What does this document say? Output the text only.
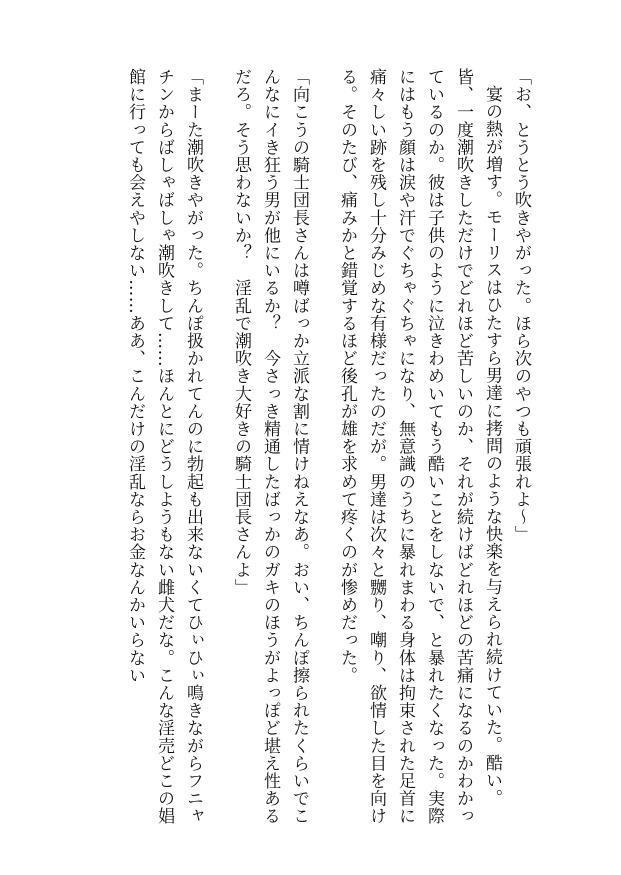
「お、とうとう吹きやがった。ほら次のやつも頑張れよ〜」

宴の熱が増す。モーリスはひたすら男達に拷問のような快楽を与えられ続けていた。酷い。皆、一度潮吹きしただけでどれほど苦しいのか、それが続けばどれほどの苦痛になるのかわかっているのか。彼は子供のように泣きわめいてもう酷いことをしないで、と暴れたくなった。実際にはもう顔は涙や汗でぐちゃぐちゃになり、無意識のうちに暴れまわる身体は拘束された足首に痛々しい跡を残し十分みじめな有様だったのだが。男達は次々と嬲り、嘲り、欲情した目を向ける。そのたび、痛みかと錯覚するほど後孔が雄を求めて疼くのが惨めだった。

「向こうの騎士団長さんは噂ばっか立派な割に情けねえなあ。おい、ちんぽ擦られたくらいでこんなにイき狂う男が他にいるか？　今さっき精通したばっかのガキのほうがよっぽど堪え性あるだろ。そう思わないか？　淫乱で潮吹き大好きの騎士団長さんよ」

「まーた潮吹きやがった。ちんぽ扱かれてんのに勃起も出来ないくてひぃひぃ鳴きながらフニャチンからばしゃばしゃ潮吹きして……ほんとにどうしようもない雌犬だな。こんな淫売どこの娼館に行っても会えやしない……ああ、こんだけの淫乱ならお金なんかいらない
